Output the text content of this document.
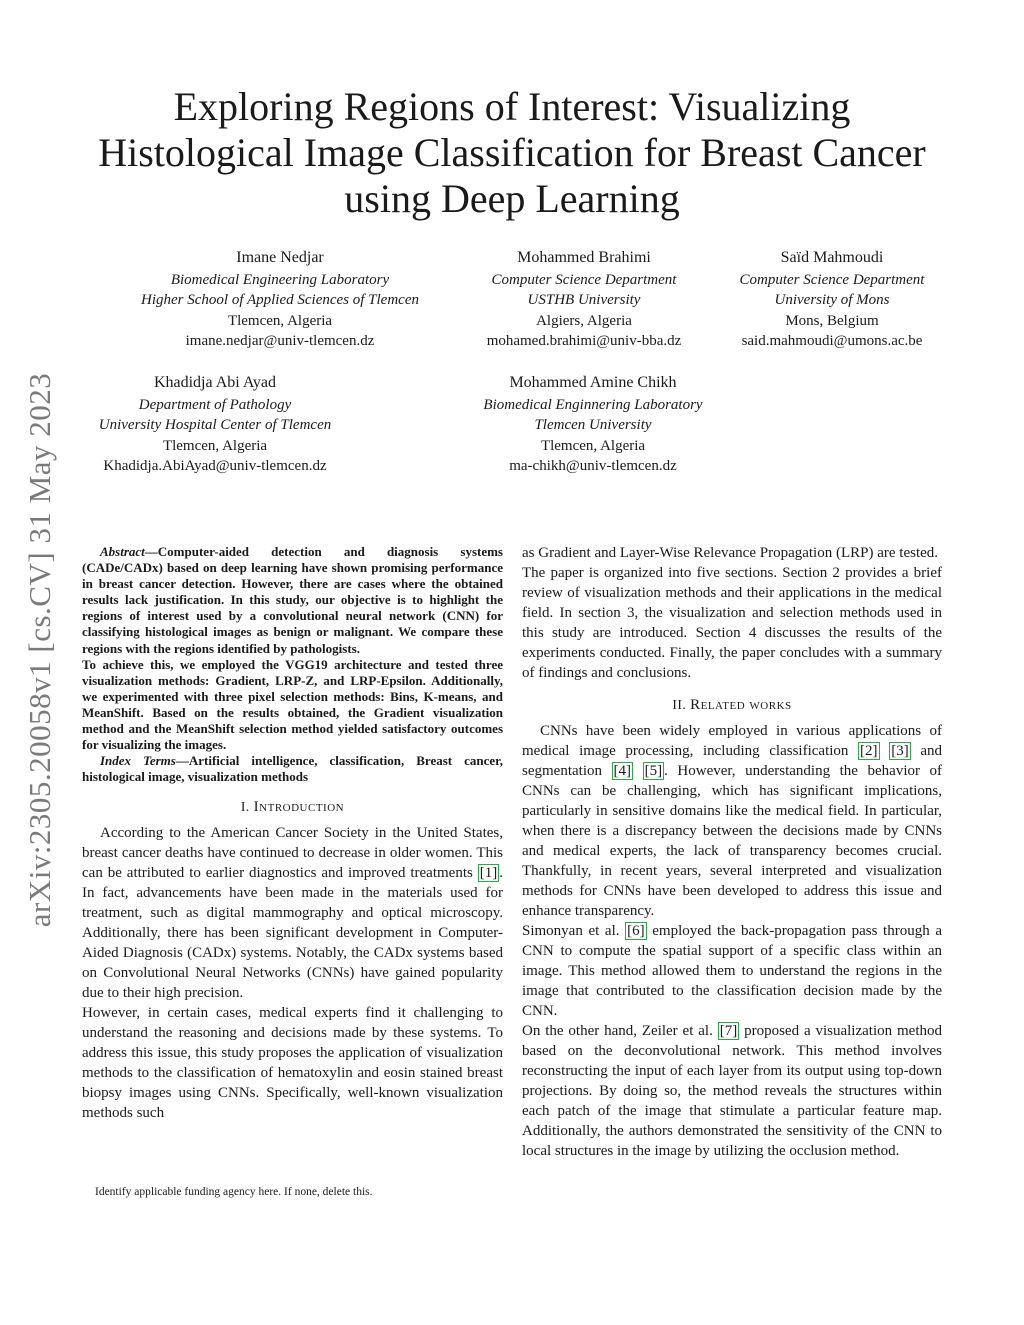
arXiv:2305.20058v1 [cs.CV] 31 May 2023
Exploring Regions of Interest: Visualizing
Histological Image Classification for Breast Cancer
using Deep Learning
Imane Nedjar
Biomedical Engineering Laboratory
Higher School of Applied Sciences of Tlemcen
Tlemcen, Algeria
imane.nedjar@univ-tlemcen.dz
Mohammed Brahimi
Computer Science Department
USTHB University
Algiers, Algeria
mohamed.brahimi@univ-bba.dz
Saïd Mahmoudi
Computer Science Department
University of Mons
Mons, Belgium
said.mahmoudi@umons.ac.be
Khadidja Abi Ayad
Department of Pathology
University Hospital Center of Tlemcen
Tlemcen, Algeria
Khadidja.AbiAyad@univ-tlemcen.dz
Mohammed Amine Chikh
Biomedical Enginnering Laboratory
Tlemcen University
Tlemcen, Algeria
ma-chikh@univ-tlemcen.dz

Abstract—Computer-aided detection and diagnosis systems (CADe/CADx) based on deep learning have shown promising performance in breast cancer detection. However, there are cases where the obtained results lack justification. In this study, our objective is to highlight the regions of interest used by a convolutional neural network (CNN) for classifying histological images as benign or malignant. We compare these regions with the regions identified by pathologists.

To achieve this, we employed the VGG19 architecture and tested three visualization methods: Gradient, LRP-Z, and LRP-Epsilon. Additionally, we experimented with three pixel selection methods: Bins, K-means, and MeanShift. Based on the results obtained, the Gradient visualization method and the MeanShift selection method yielded satisfactory outcomes for visualizing the images.

Index Terms—Artificial intelligence, classification, Breast cancer, histological image, visualization methods

I. Introduction

According to the American Cancer Society in the United States, breast cancer deaths have continued to decrease in older women. This can be attributed to earlier diagnostics and improved treatments [1] . In fact, advancements have been made in the materials used for treatment, such as digital mammography and optical microscopy. Additionally, there has been significant development in Computer-Aided Diagnosis (CADx) systems. Notably, the CADx systems based on Convolutional Neural Networks (CNNs) have gained popularity due to their high precision.

However, in certain cases, medical experts find it challenging to understand the reasoning and decisions made by these systems. To address this issue, this study proposes the application of visualization methods to the classification of hematoxylin and eosin stained breast biopsy images using CNNs. Specifically, well-known visualization methods such

Identify applicable funding agency here. If none, delete this.

as Gradient and Layer-Wise Relevance Propagation (LRP) are tested.

The paper is organized into five sections. Section 2 provides a brief review of visualization methods and their applications in the medical field. In section 3, the visualization and selection methods used in this study are introduced. Section 4 discusses the results of the experiments conducted. Finally, the paper concludes with a summary of findings and conclusions.

II. Related works

CNNs have been widely employed in various applications of medical image processing, including classification [2] [3] and segmentation [4] [5] . However, understanding the behavior of CNNs can be challenging, which has significant implications, particularly in sensitive domains like the medical field. In particular, when there is a discrepancy between the decisions made by CNNs and medical experts, the lack of transparency becomes crucial. Thankfully, in recent years, several interpreted and visualization methods for CNNs have been developed to address this issue and enhance transparency.

Simonyan et al. [6] employed the back-propagation pass through a CNN to compute the spatial support of a specific class within an image. This method allowed them to understand the regions in the image that contributed to the classification decision made by the CNN.

On the other hand, Zeiler et al. [7] proposed a visualization method based on the deconvolutional network. This method involves reconstructing the input of each layer from its output using top-down projections. By doing so, the method reveals the structures within each patch of the image that stimulate a particular feature map. Additionally, the authors demonstrated the sensitivity of the CNN to local structures in the image by utilizing the occlusion method.
